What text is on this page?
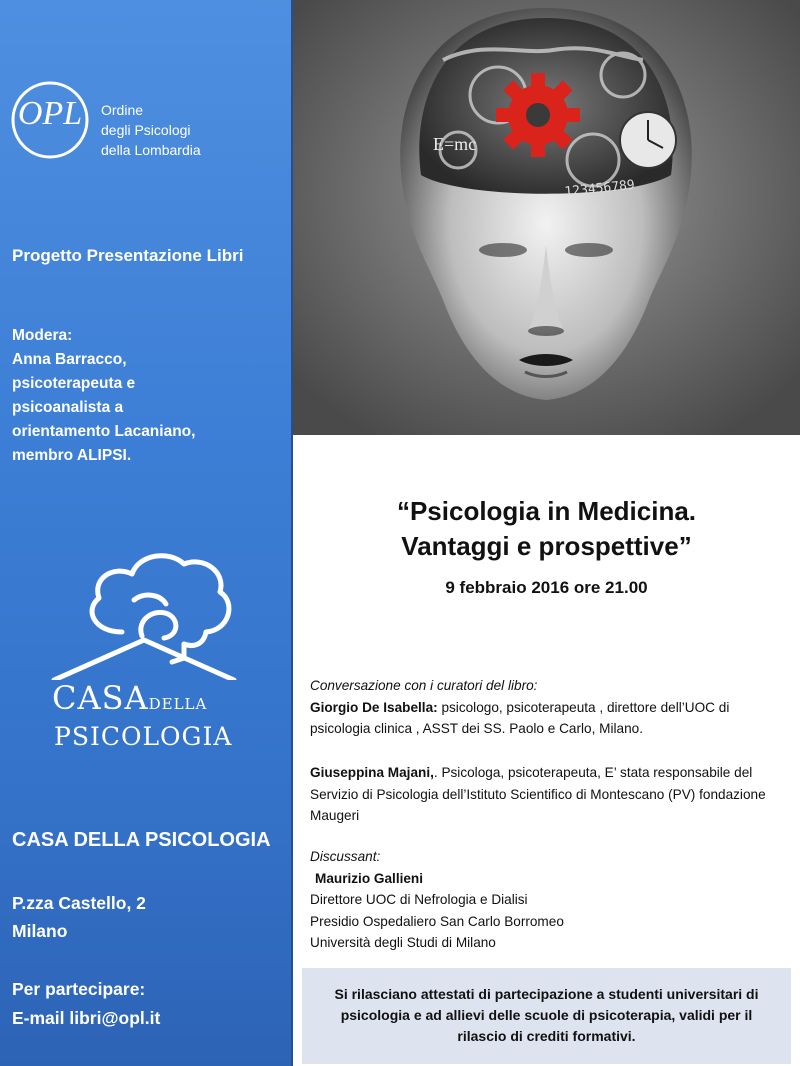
OPL Ordine
degli Psicologi
della Lombardia
Progetto Presentazione Libri
Modera:
Anna Barracco,
psicoterapeuta e
psicoanalista a
orientamento Lacaniano,
membro ALIPSI.
CASADELLA
PSICOLOGIA
CASA DELLA PSICOLOGIA
P.zza Castello, 2
Milano
Per partecipare:
E-mail libri@opl.it
E=mc
123456789
“Psicologia in Medicina.
Vantaggi e prospettive”
9 febbraio 2016 ore 21.00
Conversazione con i curatori del libro:
Giorgio De Isabella: psicologo, psicoterapeuta , direttore dell’UOC di psicologia clinica , ASST dei SS. Paolo e Carlo, Milano.
Giuseppina Majani,. Psicologa, psicoterapeuta, E’ stata responsabile del Servizio di Psicologia dell’Istituto Scientifico di Montescano (PV) fondazione Maugeri
Discussant:
Maurizio Gallieni
Direttore UOC di Nefrologia e Dialisi
Presidio Ospedaliero San Carlo Borromeo
Università degli Studi di Milano
Si rilasciano attestati di partecipazione a studenti universitari di psicologia e ad allievi delle scuole di psicoterapia, validi per il rilascio di crediti formativi.
